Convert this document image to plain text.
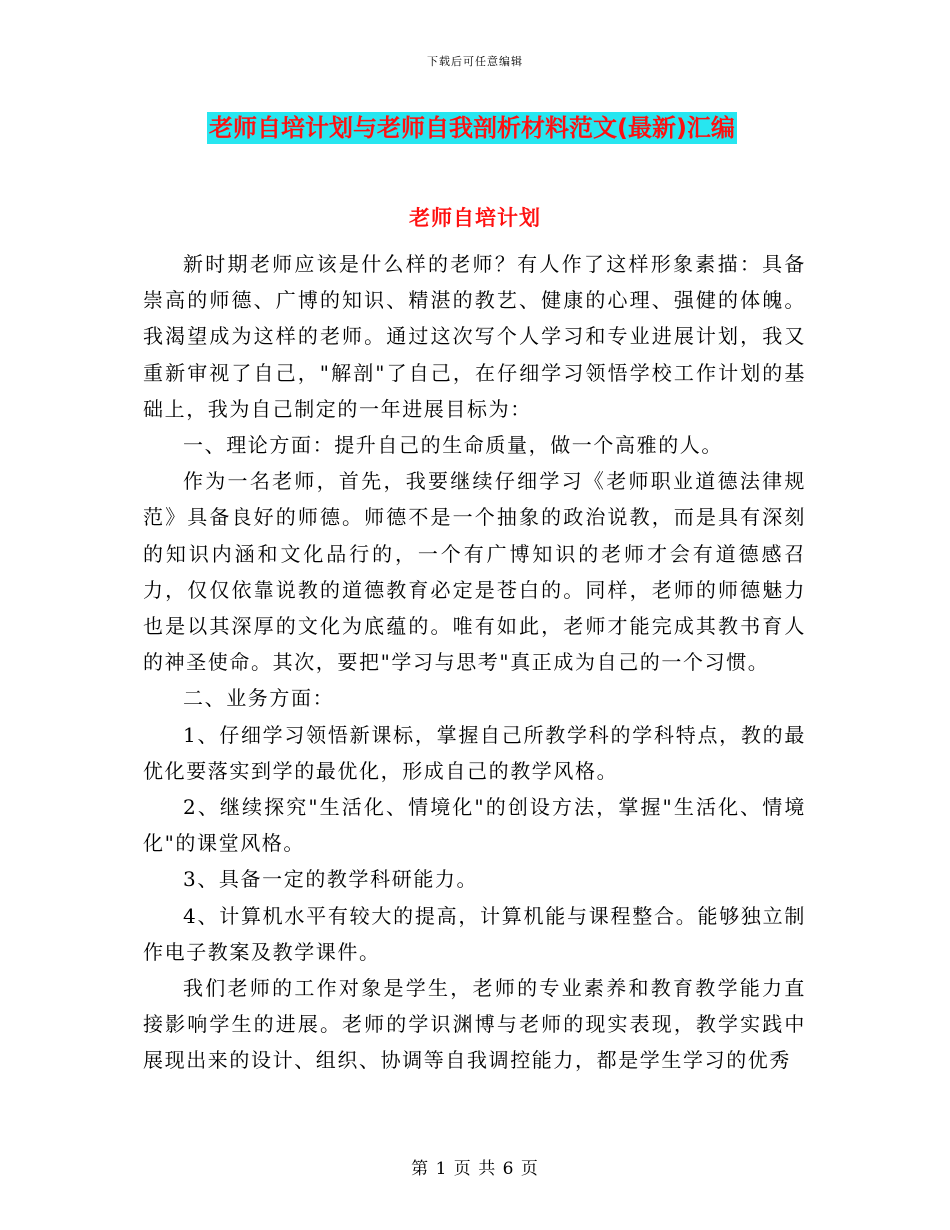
下载后可任意编辑
老师自培计划与老师自我剖析材料范文(最新)汇编
老师自培计划

新时期老师应该是什么样的老师？有人作了这样形象素描：具备崇高的师德、广博的知识、精湛的教艺、健康的心理、强健的体魄。我渴望成为这样的老师。通过这次写个人学习和专业进展计划，我又重新审视了自己，"解剖"了自己，在仔细学习领悟学校工作计划的基础上，我为自己制定的一年进展目标为：

一、理论方面：提升自己的生命质量，做一个高雅的人。

作为一名老师，首先，我要继续仔细学习《老师职业道德法律规范》具备良好的师德。师德不是一个抽象的政治说教，而是具有深刻的知识内涵和文化品行的，一个有广博知识的老师才会有道德感召力，仅仅依靠说教的道德教育必定是苍白的。同样，老师的师德魅力也是以其深厚的文化为底蕴的。唯有如此，老师才能完成其教书育人的神圣使命。其次，要把"学习与思考"真正成为自己的一个习惯。

二、业务方面：

1、仔细学习领悟新课标，掌握自己所教学科的学科特点，教的最优化要落实到学的最优化，形成自己的教学风格。

2、继续探究"生活化、情境化"的创设方法，掌握"生活化、情境化"的课堂风格。

3、具备一定的教学科研能力。

4、计算机水平有较大的提高，计算机能与课程整合。能够独立制作电子教案及教学课件。

我们老师的工作对象是学生，老师的专业素养和教育教学能力直接影响学生的进展。老师的学识渊博与老师的现实表现，教学实践中展现出来的设计、组织、协调等自我调控能力，都是学生学习的优秀

第 1 页 共 6 页
